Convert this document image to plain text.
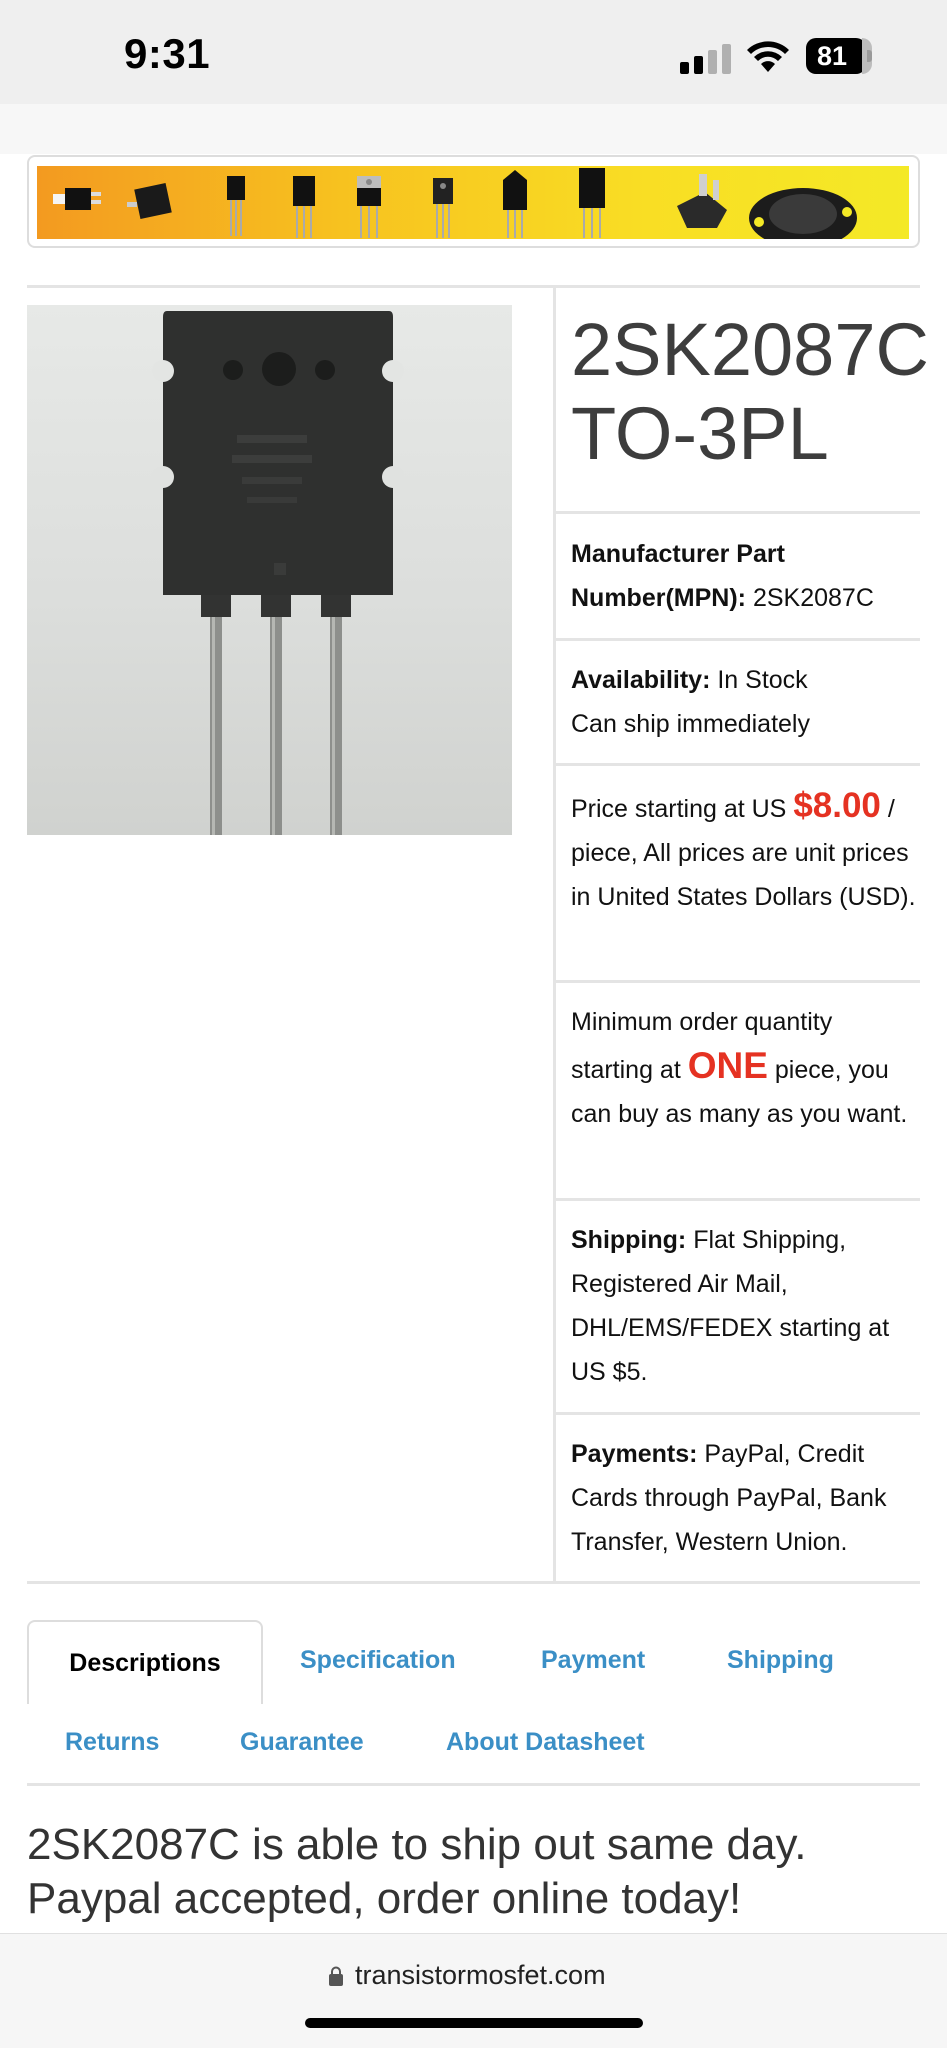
9:31	81
2SK2087C
TO-3PL
Manufacturer Part Number(MPN): 2SK2087C
Availability: In Stock
Can ship immediately
Price starting at US $8.00 / piece, All prices are unit prices in United States Dollars (USD).
Minimum order quantity starting at ONE piece, you can buy as many as you want.
Shipping: Flat Shipping, Registered Air Mail, DHL/EMS/FEDEX starting at US $5.
Payments: PayPal, Credit Cards through PayPal, Bank Transfer, Western Union.
Descriptions	Specification	Payment	Shipping
Returns	Guarantee	About Datasheet
2SK2087C is able to ship out same day. Paypal accepted, order online today!
transistormosfet.com
